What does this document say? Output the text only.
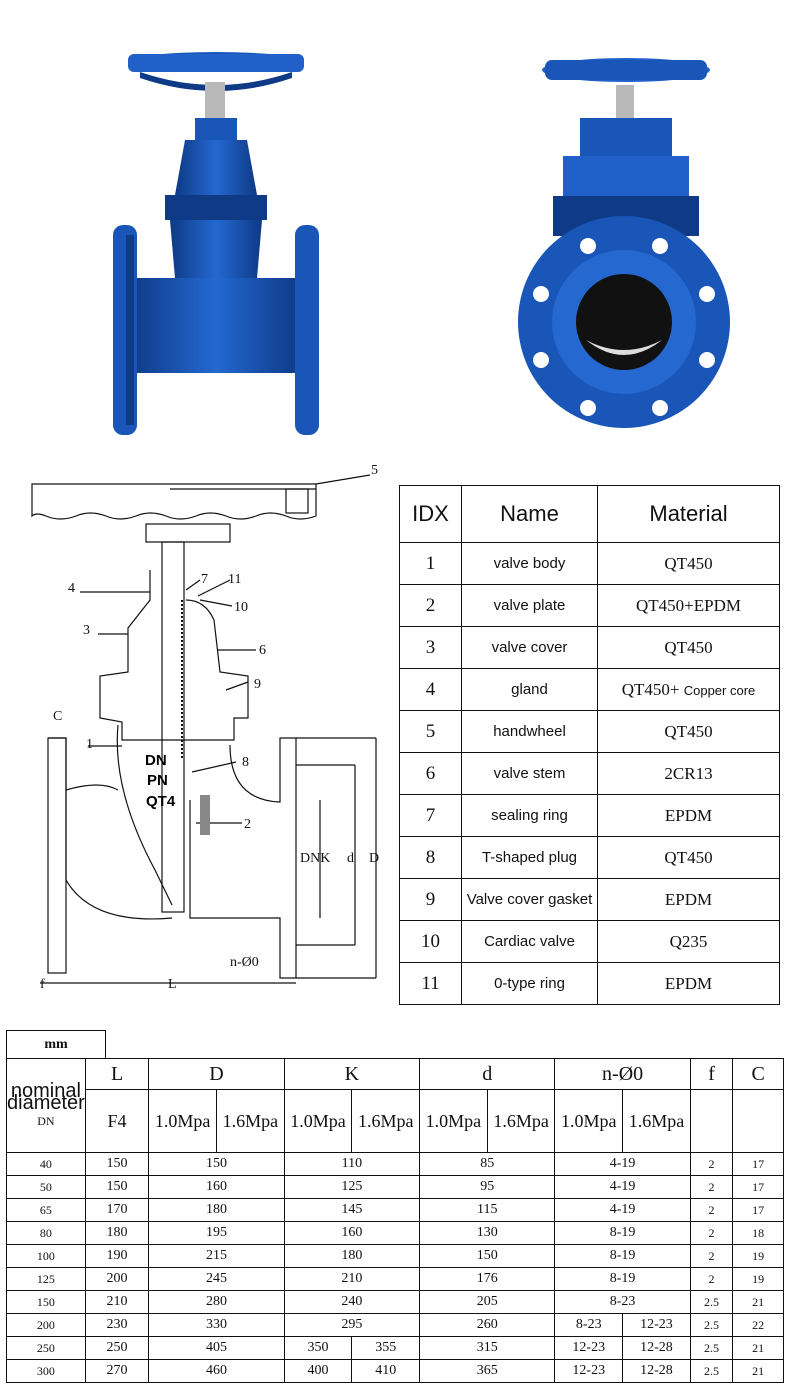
5
4
7 11
10
3
6
9
1
8
2
C
f	L
DNK d D
n-Ø0
DN
PN
QT4
IDX	Name	Material
1	valve body	QT450
2	valve plate	QT450+EPDM
3	valve cover	QT450
4	gland	QT450+ Copper core
5	handwheel	QT450
6	valve stem	2CR13
7	sealing ring	EPDM
8	T-shaped plug	QT450
9	Valve cover gasket	EPDM
10	Cardiac valve	Q235
11	0-type ring	EPDM
mm
nominal diameter
DN	L	D		K		d		n-Ø0		f	C
	F4	1.0Mpa	1.6Mpa	1.0Mpa	1.6Mpa	1.0Mpa	1.6Mpa	1.0Mpa	1.6Mpa		
40	150	150		110		85		4-19		2	17
50	150	160		125		95		4-19		2	17
65	170	180		145		115		4-19		2	17
80	180	195		160		130		8-19		2	18
100	190	215		180		150		8-19		2	19
125	200	245		210		176		8-19		2	19
150	210	280		240		205		8-23		2.5	21
200	230	330		295		260		8-23	12-23	2.5	22
250	250	405		350	355	315		12-23	12-28	2.5	21
300	270	460		400	410	365		12-23	12-28	2.5	21
